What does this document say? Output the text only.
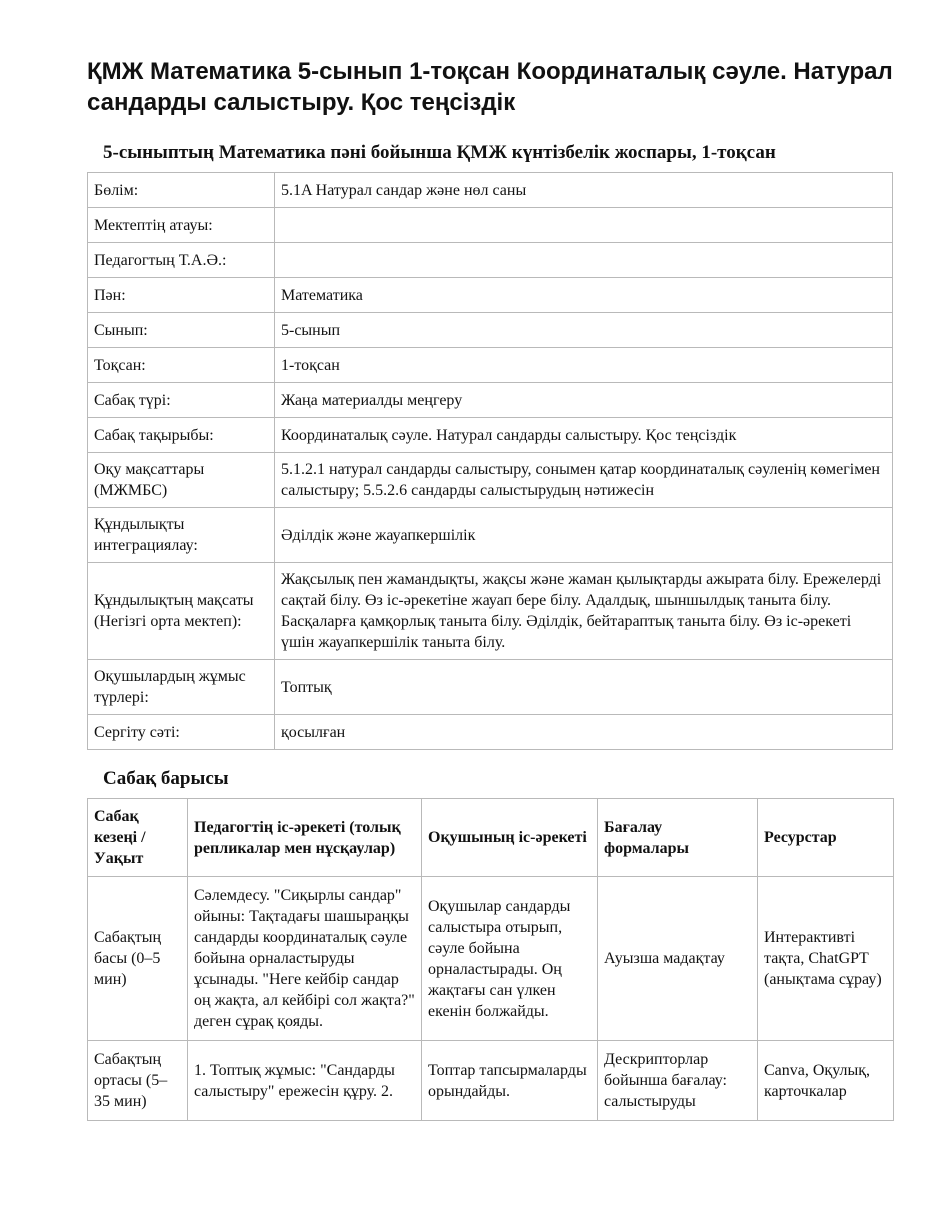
ҚМЖ Математика 5-сынып 1-тоқсан Координаталық сәуле. Натурал сандарды салыстыру. Қос теңсіздік
5-сыныптың Математика пәні бойынша ҚМЖ күнтізбелік жоспары, 1-тоқсан
Бөлім:	5.1A Натурал сандар және нөл саны
Мектептің атауы:	
Педагогтың Т.А.Ә.:	
Пән:	Математика
Сынып:	5-сынып
Тоқсан:	1-тоқсан
Сабақ түрі:	Жаңа материалды меңгеру
Сабақ тақырыбы:	Координаталық сәуле. Натурал сандарды салыстыру. Қос теңсіздік
Оқу мақсаттары (МЖМБС)	5.1.2.1 натурал сандарды салыстыру, сонымен қатар координаталық сәуленің көмегімен салыстыру; 5.5.2.6 сандарды салыстырудың нәтижесін
Құндылықты интеграциялау:	Әділдік және жауапкершілік
Құндылықтың мақсаты (Негізгі орта мектеп):	Жақсылық пен жамандықты, жақсы және жаман қылықтарды ажырата білу. Ережелерді сақтай білу. Өз іс-әрекетіне жауап бере білу. Адалдық, шыншылдық таныта білу. Басқаларға қамқорлық таныта білу. Әділдік, бейтараптық таныта білу. Өз іс-әрекеті үшін жауапкершілік таныта білу.
Оқушылардың жұмыс түрлері:	Топтық
Сергіту сәті:	қосылған
Сабақ барысы
Сабақ кезеңі / Уақыт	Педагогтің іс-әрекеті (толық репликалар мен нұсқаулар)	Оқушының іс-әрекеті	Бағалау формалары	Ресурстар
Сабақтың басы (0–5 мин)	Сәлемдесу. "Сиқырлы сандар" ойыны: Тақтадағы шашыраңқы сандарды координаталық сәуле бойына орналастыруды ұсынады. "Неге кейбір сандар оң жақта, ал кейбірі сол жақта?" деген сұрақ қояды.	Оқушылар сандарды салыстыра отырып, сәуле бойына орналастырады. Оң жақтағы сан үлкен екенін болжайды.	Ауызша мадақтау	Интерактивті тақта, ChatGPT (анықтама сұрау)
Сабақтың ортасы (5–35 мин)	1. Топтық жұмыс: "Сандарды салыстыру" ережесін құру. 2.	Топтар тапсырмаларды орындайды.	Дескрипторлар бойынша бағалау: салыстыруды	Canva, Оқулық, карточкалар
